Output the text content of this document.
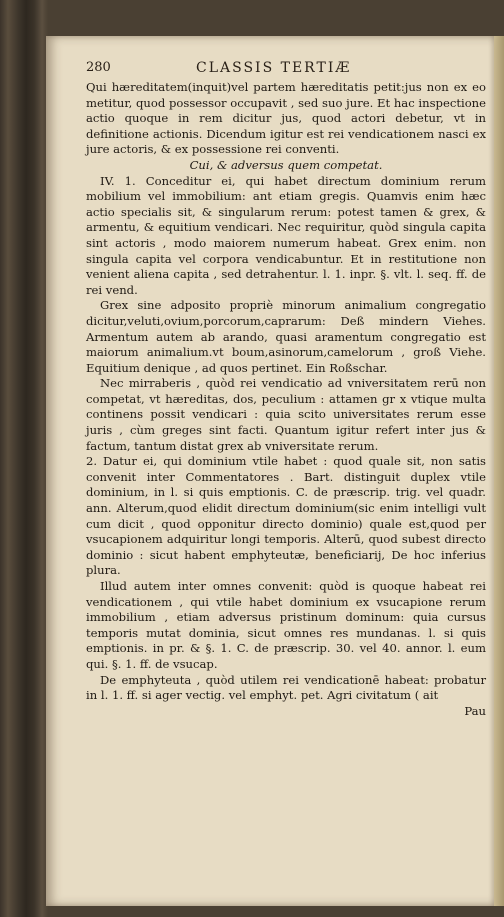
280	CLASSIS TERTIÆ

Qui hæreditatem(inquit)vel partem hæreditatis petit:jus non ex eo metitur, quod possessor occupavit , sed suo jure. Et hac inspectione actio quoque in rem dicitur jus, quod actori debetur, vt in definitione actionis. Dicendum igitur est rei vendicationem nasci ex jure actoris, & ex possessione rei conventi.

Cui, & adversus quem competat.

IV. 1. Conceditur ei, qui habet directum dominium rerum mobilium vel immobilium: ant etiam gregis. Quamvis enim hæc actio specialis sit, & singularum rerum: potest tamen & grex, & armentu, & equitium vendicari. Nec requiritur, quòd singula capita sint actoris , modo maiorem numerum habeat. Grex enim. non singula capita vel corpora vendicabuntur. Et in restitutione non venient aliena capita , sed detrahentur. l. 1. inpr. §. vlt. l. seq. ff. de rei vend.

Grex sine adposito propriè minorum animalium congregatio dicitur,veluti,ovium,porcorum,caprarum: Deß mindern Viehes. Armentum autem ab arando, quasi aramentum congregatio est maiorum animalium.vt boum,asinorum,camelorum , groß Viehe. Equitium denique , ad quos pertinet. Ein Roßschar.

Nec mirraberis , quòd rei vendicatio ad vniversitatem rerū non competat, vt hæreditas, dos, peculium : attamen gr x vtique multa continens possit vendicari : quia scito universitates rerum esse juris , cùm greges sint facti. Quantum igitur refert inter jus & factum, tantum distat grex ab vniversitate rerum.

2. Datur ei, qui dominium vtile habet : quod quale sit, non satis convenit inter Commentatores . Bart. distinguit duplex vtile dominium, in l. si quis emptionis. C. de præscrip. trig. vel quadr. ann. Alterum,quod elidit directum dominium(sic enim intelligi vult cum dicit , quod opponitur directo dominio) quale est,quod per vsucapionem adquiritur longi temporis. Alterū, quod subest directo dominio : sicut habent emphyteutæ, beneficiarij, De hoc inferius plura.

Illud autem inter omnes convenit: quòd is quoque habeat rei vendicationem , qui vtile habet dominium ex vsucapione rerum immobilium , etiam adversus pristinum dominum: quia cursus temporis mutat dominia, sicut omnes res mundanas. l. si quis emptionis. in pr. & §. 1. C. de præscrip. 30. vel 40. annor. l. eum qui. §. 1. ff. de vsucap.

De emphyteuta , quòd utilem rei vendicationē habeat: probatur in l. 1. ff. si ager vectig. vel emphyt. pet. Agri civitatum ( ait

Pau
